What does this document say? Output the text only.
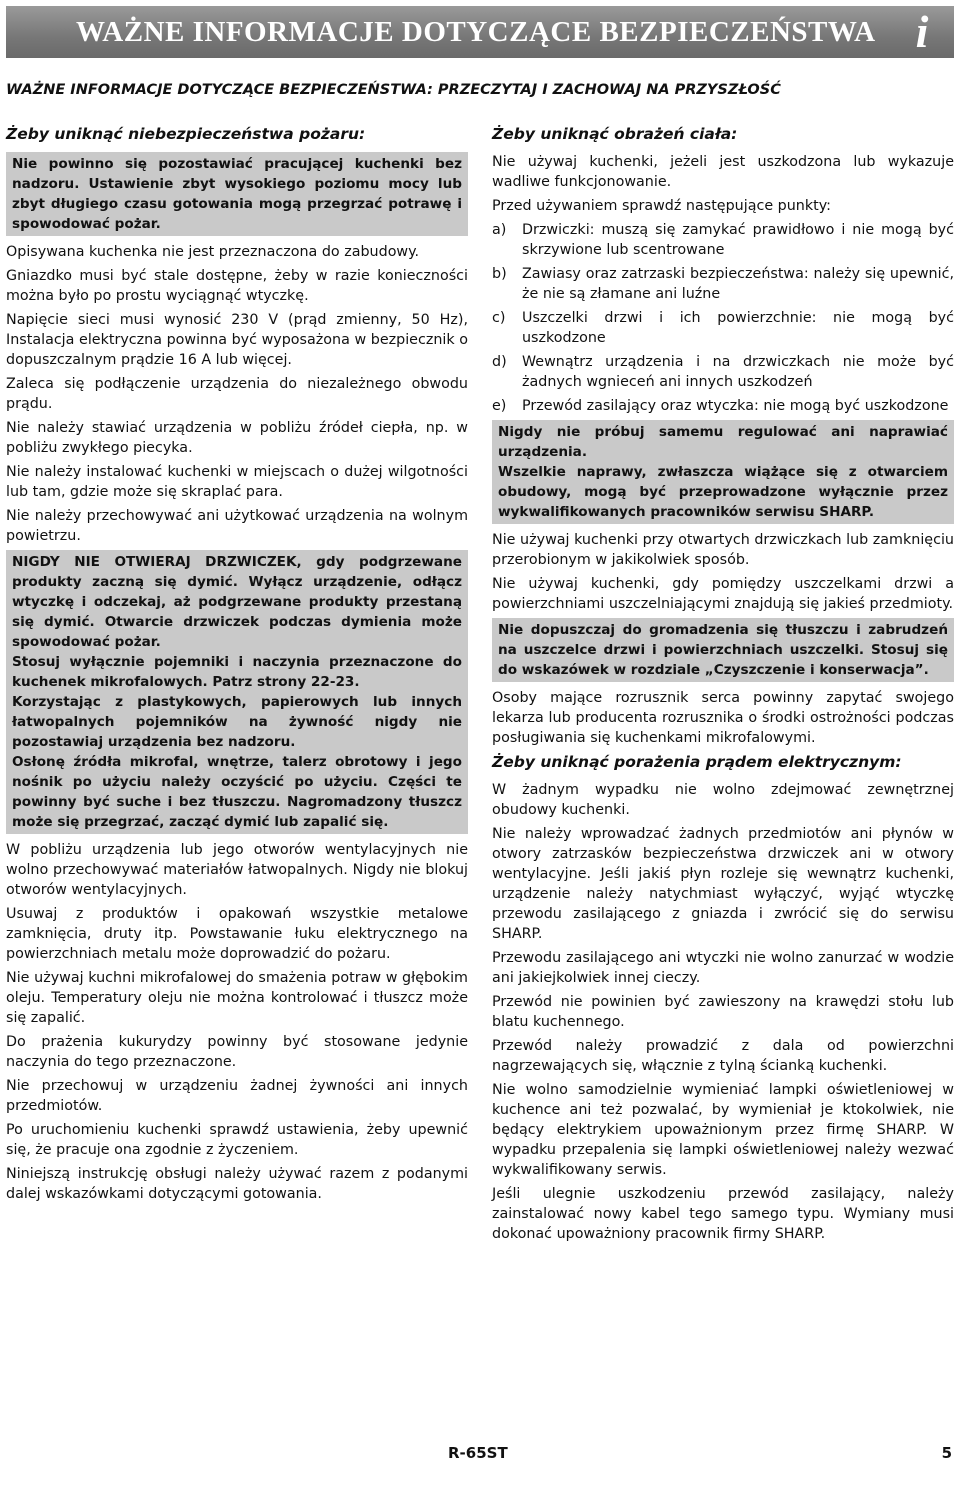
WAŻNE INFORMACJE DOTYCZĄCE BEZPIECZEŃSTWA i
WAŻNE INFORMACJE DOTYCZĄCE BEZPIECZEŃSTWA: PRZECZYTAJ I ZACHOWAJ NA PRZYSZŁOŚĆ
Żeby uniknąć niebezpieczeństwa pożaru:

Nie powinno się pozostawiać pracującej kuchenki bez nadzoru. Ustawienie zbyt wysokiego poziomu mocy lub zbyt długiego czasu gotowania mogą przegrzać potrawę i spowodować pożar.

Opisywana kuchenka nie jest przeznaczona do zabudowy.

Gniazdko musi być stale dostępne, żeby w razie konieczności można było po prostu wyciągnąć wtyczkę.

Napięcie sieci musi wynosić 230 V (prąd zmienny, 50 Hz), Instalacja elektryczna powinna być wyposażona w bezpiecznik o dopuszczalnym prądzie 16 A lub więcej.

Zaleca się podłączenie urządzenia do niezależnego obwodu prądu.

Nie należy stawiać urządzenia w pobliżu źródeł ciepła, np. w pobliżu zwykłego piecyka.

Nie należy instalować kuchenki w miejscach o dużej wilgotności lub tam, gdzie może się skraplać para.

Nie należy przechowywać ani użytkować urządzenia na wolnym powietrzu.

NIGDY NIE OTWIERAJ DRZWICZEK, gdy podgrzewane produkty zaczną się dymić. Wyłącz urządzenie, odłącz wtyczkę i odczekaj, aż podgrzewane produkty przestaną się dymić. Otwarcie drzwiczek podczas dymienia może spowodować pożar.

Stosuj wyłącznie pojemniki i naczynia przeznaczone do kuchenek mikrofalowych. Patrz strony 22-23.

Korzystając z plastykowych, papierowych lub innych łatwopalnych pojemników na żywność nigdy nie pozostawiaj urządzenia bez nadzoru.

Osłonę źródła mikrofal, wnętrze, talerz obrotowy i jego nośnik po użyciu należy oczyścić po użyciu. Części te powinny być suche i bez tłuszczu. Nagromadzony tłuszcz może się przegrzać, zacząć dymić lub zapalić się.

W pobliżu urządzenia lub jego otworów wentylacyjnych nie wolno przechowywać materiałów łatwopalnych. Nigdy nie blokuj otworów wentylacyjnych.

Usuwaj z produktów i opakowań wszystkie metalowe zamknięcia, druty itp. Powstawanie łuku elektrycznego na powierzchniach metalu może doprowadzić do pożaru.

Nie używaj kuchni mikrofalowej do smażenia potraw w głębokim oleju. Temperatury oleju nie można kontrolować i tłuszcz może się zapalić.

Do prażenia kukurydzy powinny być stosowane jedynie naczynia do tego przeznaczone.

Nie przechowuj w urządzeniu żadnej żywności ani innych przedmiotów.

Po uruchomieniu kuchenki sprawdź ustawienia, żeby upewnić się, że pracuje ona zgodnie z życzeniem.

Niniejszą instrukcję obsługi należy używać razem z podanymi dalej wskazówkami dotyczącymi gotowania.

Żeby uniknąć obrażeń ciała:

Nie używaj kuchenki, jeżeli jest uszkodzona lub wykazuje wadliwe funkcjonowanie.

Przed używaniem sprawdź następujące punkty:

a) Drzwiczki: muszą się zamykać prawidłowo i nie mogą być skrzywione lub scentrowane
b) Zawiasy oraz zatrzaski bezpieczeństwa: należy się upewnić, że nie są złamane ani luźne
c) Uszczelki drzwi i ich powierzchnie: nie mogą być uszkodzone
d) Wewnątrz urządzenia i na drzwiczkach nie może być żadnych wgnieceń ani innych uszkodzeń
e) Przewód zasilający oraz wtyczka: nie mogą być uszkodzone

Nigdy nie próbuj samemu regulować ani naprawiać urządzenia.

Wszelkie naprawy, zwłaszcza wiążące się z otwarciem obudowy, mogą być przeprowadzone wyłącznie przez wykwalifikowanych pracowników serwisu SHARP.

Nie używaj kuchenki przy otwartych drzwiczkach lub zamknięciu przerobionym w jakikolwiek sposób.

Nie używaj kuchenki, gdy pomiędzy uszczelkami drzwi a powierzchniami uszczelniającymi znajdują się jakieś przedmioty.

Nie dopuszczaj do gromadzenia się tłuszczu i zabrudzeń na uszczelce drzwi i powierzchniach uszczelki. Stosuj się do wskazówek w rozdziale „Czyszczenie i konserwacja”.

Osoby mające rozrusznik serca powinny zapytać swojego lekarza lub producenta rozrusznika o środki ostrożności podczas posługiwania się kuchenkami mikrofalowymi.

Żeby uniknąć porażenia prądem elektrycznym:

W żadnym wypadku nie wolno zdejmować zewnętrznej obudowy kuchenki.

Nie należy wprowadzać żadnych przedmiotów ani płynów w otwory zatrzasków bezpieczeństwa drzwiczek ani w otwory wentylacyjne. Jeśli jakiś płyn rozleje się wewnątrz kuchenki, urządzenie należy natychmiast wyłączyć, wyjąć wtyczkę przewodu zasilającego z gniazda i zwrócić się do serwisu SHARP.

Przewodu zasilającego ani wtyczki nie wolno zanurzać w wodzie ani jakiejkolwiek innej cieczy.

Przewód nie powinien być zawieszony na krawędzi stołu lub blatu kuchennego.

Przewód należy prowadzić z dala od powierzchni nagrzewających się, włącznie z tylną ścianką kuchenki.

Nie wolno samodzielnie wymieniać lampki oświetleniowej w kuchence ani też pozwalać, by wymieniał je ktokolwiek, nie będący elektrykiem upoważnionym przez firmę SHARP. W wypadku przepalenia się lampki oświetleniowej należy wezwać wykwalifikowany serwis.

Jeśli ulegnie uszkodzeniu przewód zasilający, należy zainstalować nowy kabel tego samego typu. Wymiany musi dokonać upoważniony pracownik firmy SHARP.

R-65ST	5
